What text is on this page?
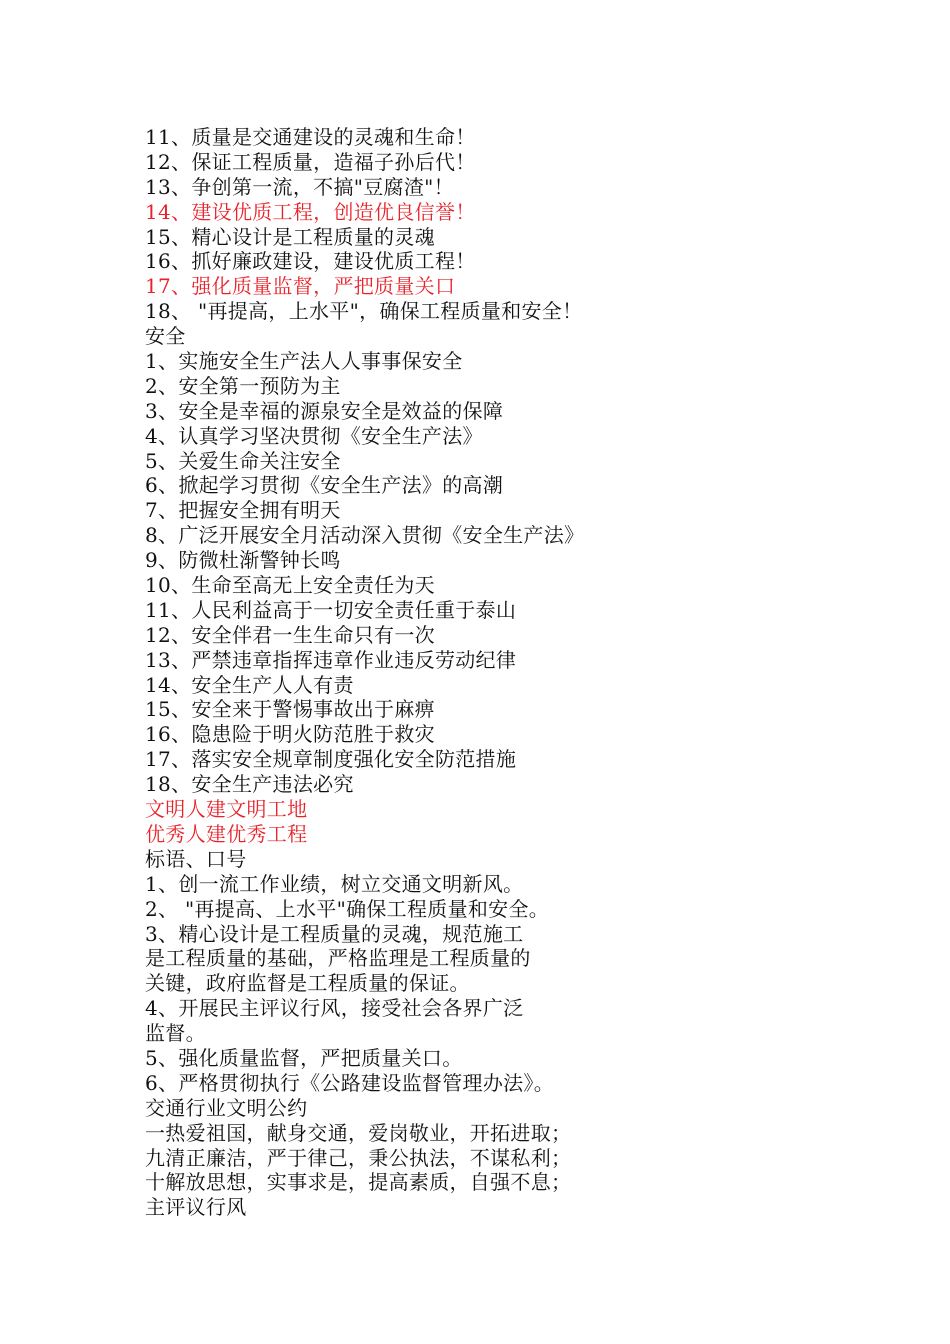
11、质量是交通建设的灵魂和生命！
12、保证工程质量，造福子孙后代！
13、争创第一流，不搞"豆腐渣"！
14、建设优质工程，创造优良信誉！
15、精心设计是工程质量的灵魂
16、抓好廉政建设，建设优质工程！
17、强化质量监督，严把质量关口
18、 "再提高，上水平"，确保工程质量和安全！
安全
1、实施安全生产法人人事事保安全
2、安全第一预防为主
3、安全是幸福的源泉安全是效益的保障
4、认真学习坚决贯彻《安全生产法》
5、关爱生命关注安全
6、掀起学习贯彻《安全生产法》的高潮
7、把握安全拥有明天
8、广泛开展安全月活动深入贯彻《安全生产法》
9、防微杜渐警钟长鸣
10、生命至高无上安全责任为天
11、人民利益高于一切安全责任重于泰山
12、安全伴君一生生命只有一次
13、严禁违章指挥违章作业违反劳动纪律
14、安全生产人人有责
15、安全来于警惕事故出于麻痹
16、隐患险于明火防范胜于救灾
17、落实安全规章制度强化安全防范措施
18、安全生产违法必究
文明人建文明工地
优秀人建优秀工程
标语、口号
1、创一流工作业绩，树立交通文明新风。
2、 "再提高、上水平"确保工程质量和安全。
3、精心设计是工程质量的灵魂，规范施工
是工程质量的基础，严格监理是工程质量的
关键，政府监督是工程质量的保证。
4、开展民主评议行风，接受社会各界广泛
监督。
5、强化质量监督，严把质量关口。
6、严格贯彻执行《公路建设监督管理办法》。
交通行业文明公约
一热爱祖国，献身交通，爱岗敬业，开拓进取；
九清正廉洁，严于律己，秉公执法，不谋私利；
十解放思想，实事求是，提高素质，自强不息；
主评议行风
